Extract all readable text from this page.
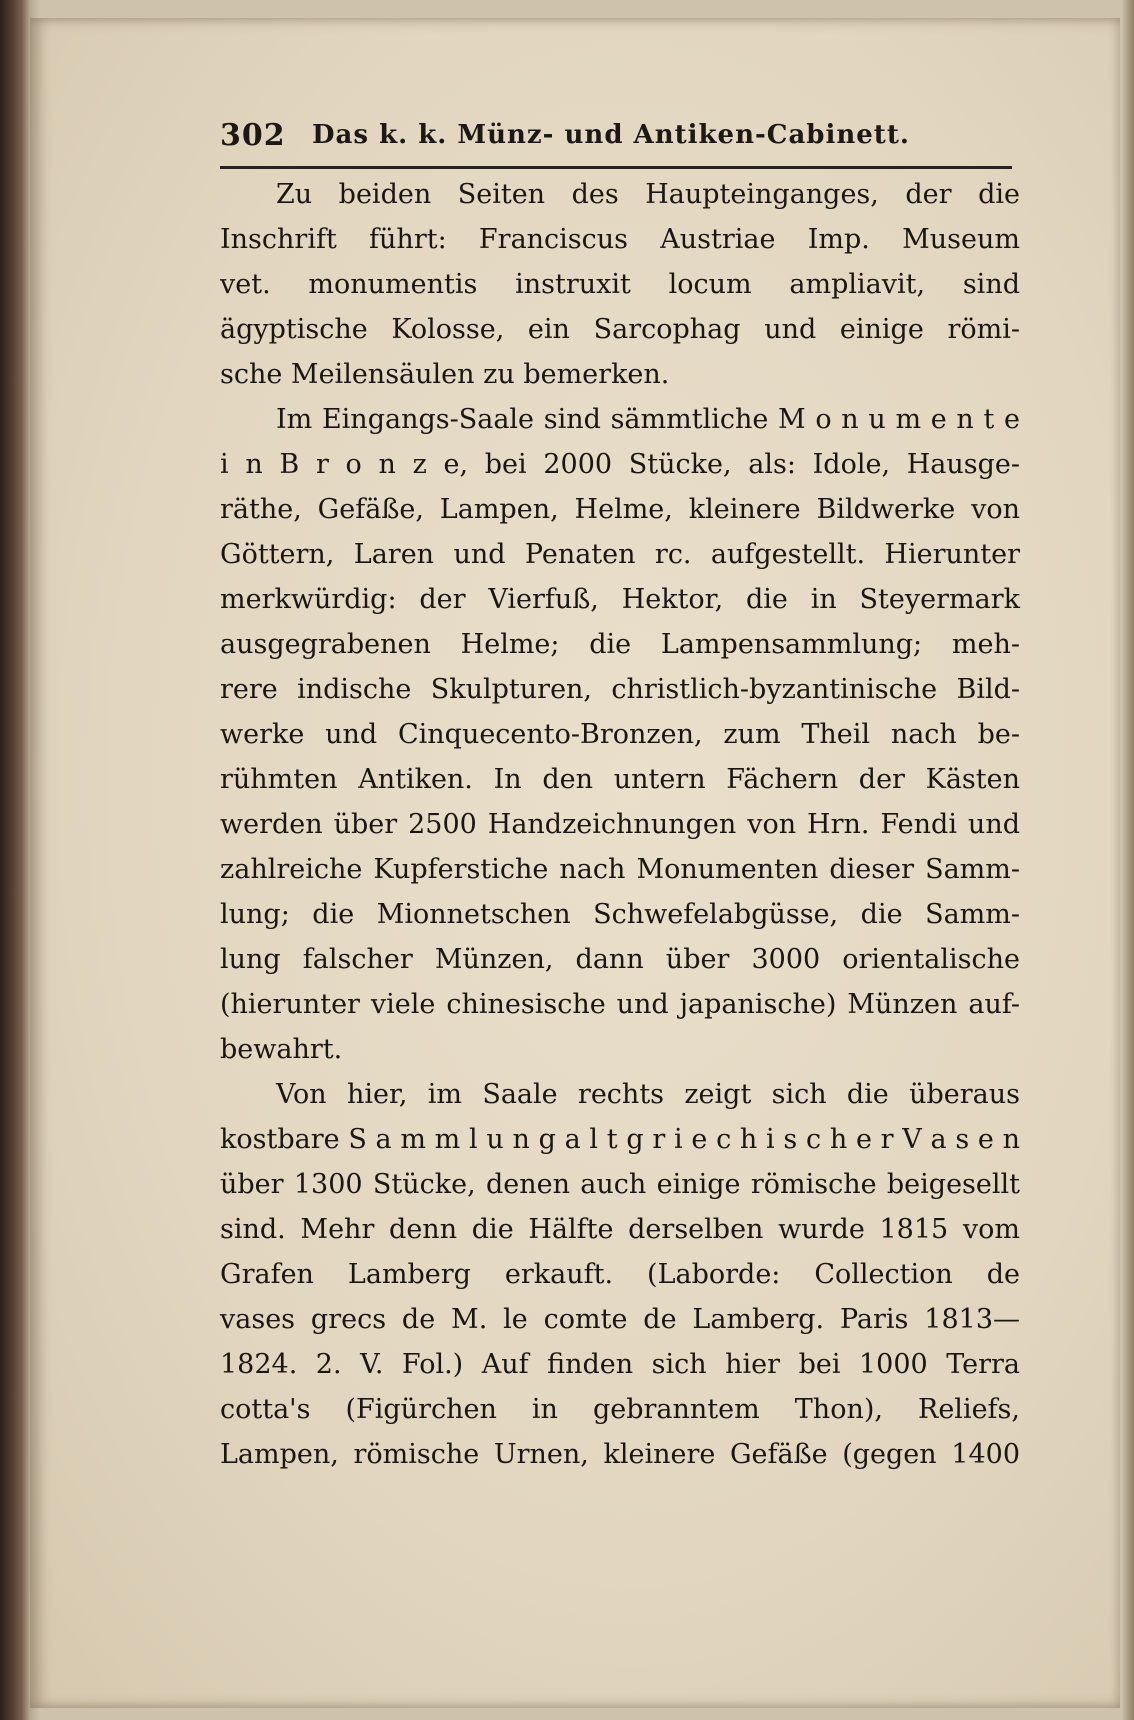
302 Das k. k. Münz- und Antiken-Cabinett.
Zu beiden Seiten des Haupteinganges, der die
Inschrift führt: Franciscus Austriae Imp. Museum
vet. monumentis instruxit locum ampliavit, sind
ägyptische Kolosse, ein Sarcophag und einige römi-
sche Meilensäulen zu bemerken.
Im Eingangs-Saale sind sämmtliche M o n u m e n t e
i n B r o n z e, bei 2000 Stücke, als: Idole, Hausge-
räthe, Gefäße, Lampen, Helme, kleinere Bildwerke von
Göttern, Laren und Penaten rc. aufgestellt. Hierunter
merkwürdig: der Vierfuß, Hektor, die in Steyermark
ausgegrabenen Helme; die Lampensammlung; meh-
rere indische Skulpturen, christlich-byzantinische Bild-
werke und Cinquecento-Bronzen, zum Theil nach be-
rühmten Antiken. In den untern Fächern der Kästen
werden über 2500 Handzeichnungen von Hrn. Fendi und
zahlreiche Kupferstiche nach Monumenten dieser Samm-
lung; die Mionnetschen Schwefelabgüsse, die Samm-
lung falscher Münzen, dann über 3000 orientalische
(hierunter viele chinesische und japanische) Münzen auf-
bewahrt.
Von hier, im Saale rechts zeigt sich die überaus
kostbare S a m m l u n g a l t g r i e c h i s c h e r V a s e n
über 1300 Stücke, denen auch einige römische beigesellt
sind. Mehr denn die Hälfte derselben wurde 1815 vom
Grafen Lamberg erkauft. (Laborde: Collection de
vases grecs de M. le comte de Lamberg. Paris 1813—
1824. 2. V. Fol.) Auf finden sich hier bei 1000 Terra
cotta's (Figürchen in gebranntem Thon), Reliefs,
Lampen, römische Urnen, kleinere Gefäße (gegen 1400
